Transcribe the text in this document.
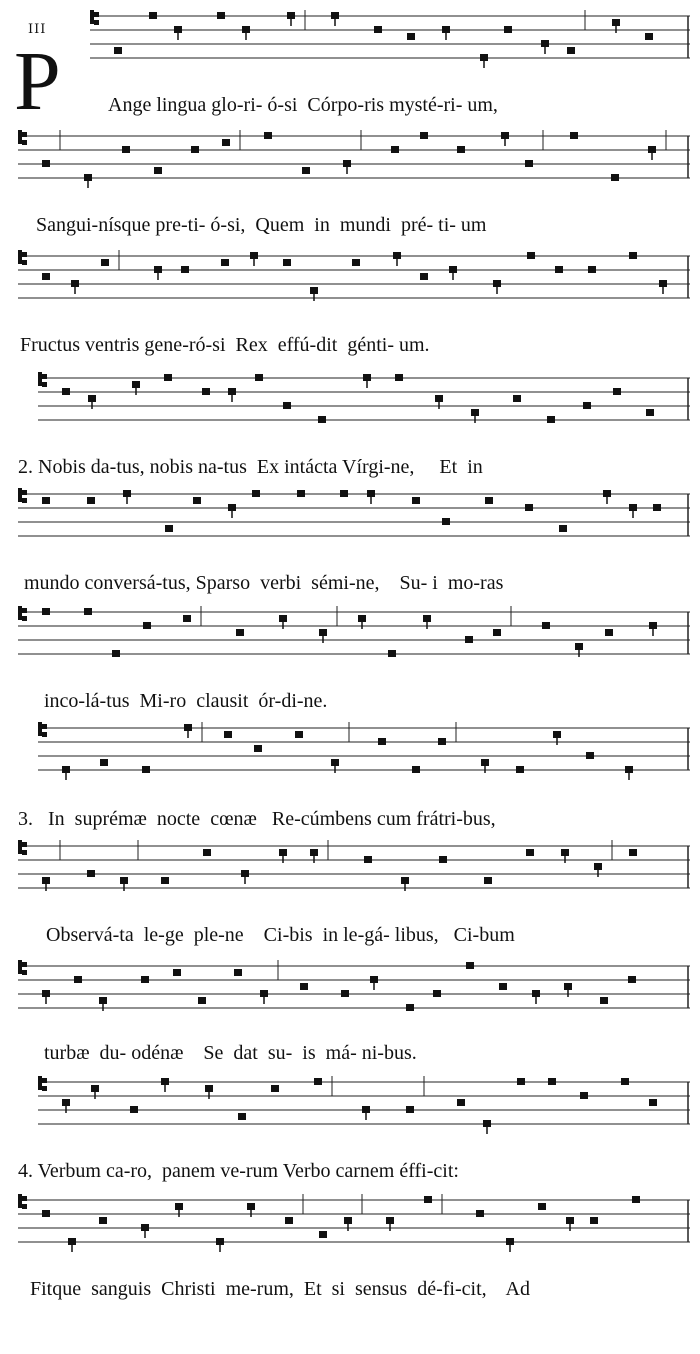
III
P Ange lingua glo-ri- ó-si  Córpo-ris mysté-ri- um,
Sangui-nísque pre-ti- ó-si,  Quem  in  mundi  pré- ti- um
Fructus ventris gene-ró-si  Rex  effú-dit  génti- um.
2. Nobis da-tus, nobis na-tus  Ex intácta Vírgi-ne,     Et  in
mundo conversá-tus, Sparso  verbi  sémi-ne,    Su- i  mo-ras
inco-lá-tus  Mi-ro  clausit  ór-di-ne.
3.   In  suprémæ  nocte  cœnæ   Re-cúmbens cum frátri-bus,
Observá-ta  le-ge  ple-ne    Ci-bis  in le-gá- libus,   Ci-bum
turbæ  du- odénæ    Se  dat  su-  is  má- ni-bus.
4. Verbum ca-ro,  panem ve-rum Verbo carnem éffi-cit:
Fitque  sanguis  Christi  me-rum,  Et  si  sensus  dé-fi-cit,    Ad
